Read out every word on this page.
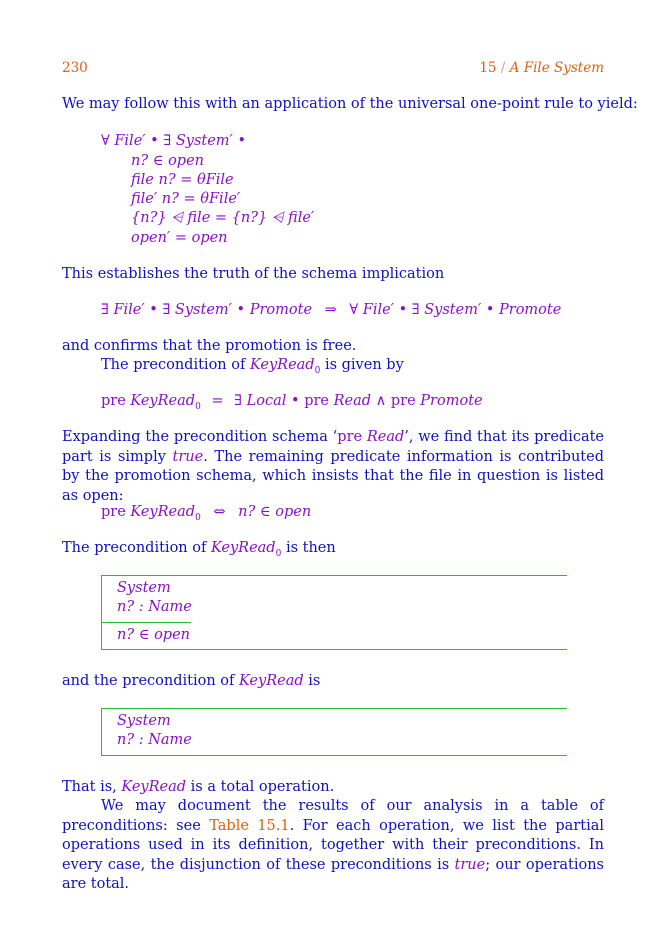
230	15 / A File System
We may follow this with an application of the universal one-point rule to yield:
∀ File′ • ∃ System′ •
n? ∈ open
file n? = θFile
file′ n? = θFile′
{n?} ⩤ file = {n?} ⩤ file′
open′ = open
This establishes the truth of the schema implication
∃ File′ • ∃ System′ • Promote ⇒ ∀ File′ • ∃ System′ • Promote
and confirms that the promotion is free.
The precondition of KeyRead$_0$ is given by
pre KeyRead$_0$ = ∃ Local • pre Read ∧ pre Promote
Expanding the precondition schema ‘pre Read’, we find that its predicate part is simply true. The remaining predicate information is contributed by the promotion schema, which insists that the file in question is listed as open:
pre KeyRead$_0$ ⇔ n? ∈ open
The precondition of KeyRead$_0$ is then
System
n? : Name
n? ∈ open
and the precondition of KeyRead is
System
n? : Name
That is, KeyRead is a total operation.
We may document the results of our analysis in a table of preconditions: see Table 15.1. For each operation, we list the partial operations used in its definition, together with their preconditions. In every case, the disjunction of these preconditions is true; our operations are total.
